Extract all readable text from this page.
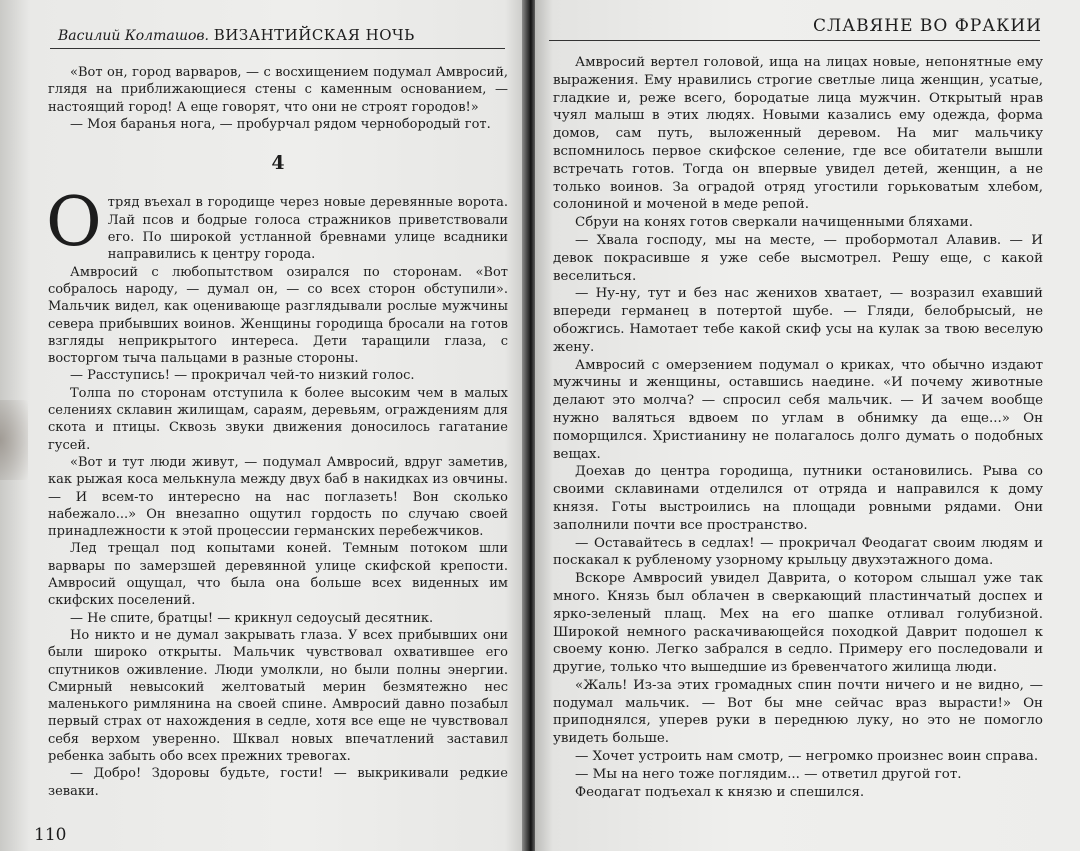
Василий Колташов. ВИЗАНТИЙСКАЯ НОЧЬ

«Вот он, город варваров, — с восхищением подумал Амвросий, глядя на приближающиеся стены с каменным основанием, — настоящий город! А еще говорят, что они не строят городов!»

— Моя баранья нога, — пробурчал рядом чернобородый гот.

4

Отряд въехал в городище через новые деревянные ворота. Лай псов и бодрые голоса стражников приветствовали его. По широкой устланной бревнами улице всадники направились к центру города.

Амвросий с любопытством озирался по сторонам. «Вот собралось народу, — думал он, — со всех сторон обступили». Мальчик видел, как оценивающе разглядывали рослые мужчины севера прибывших воинов. Женщины городища бросали на готов взгляды неприкрытого интереса. Дети таращили глаза, с восторгом тыча пальцами в разные стороны.

— Расступись! — прокричал чей-то низкий голос.

Толпа по сторонам отступила к более высоким чем в малых селениях склавин жилищам, сараям, деревьям, ограждениям для скота и птицы. Сквозь звуки движения доносилось гагатание гусей.

«Вот и тут люди живут, — подумал Амвросий, вдруг заметив, как рыжая коса мелькнула между двух баб в накидках из овчины. — И всем-то интересно на нас поглазеть! Вон сколько набежало...» Он внезапно ощутил гордость по случаю своей принадлежности к этой процессии германских перебежчиков.

Лед трещал под копытами коней. Темным потоком шли варвары по замерзшей деревянной улице скифской крепости. Амвросий ощущал, что была она больше всех виденных им скифских поселений.

— Не спите, братцы! — крикнул седоусый десятник.

Но никто и не думал закрывать глаза. У всех прибывших они были широко открыты. Мальчик чувствовал охватившее его спутников оживление. Люди умолкли, но были полны энергии. Смирный невысокий желтоватый мерин безмятежно нес маленького римлянина на своей спине. Амвросий давно позабыл первый страх от нахождения в седле, хотя все еще не чувствовал себя верхом уверенно. Шквал новых впечатлений заставил ребенка забыть обо всех прежних тревогах.

— Добро! Здоровы будьте, гости! — выкрикивали редкие зеваки.

110
СЛАВЯНЕ ВО ФРАКИИ

Амвросий вертел головой, ища на лицах новые, непонятные ему выражения. Ему нравились строгие светлые лица женщин, усатые, гладкие и, реже всего, бородатые лица мужчин. Открытый нрав чуял малыш в этих людях. Новыми казались ему одежда, форма домов, сам путь, выложенный деревом. На миг мальчику вспомнилось первое скифское селение, где все обитатели вышли встречать готов. Тогда он впервые увидел детей, женщин, а не только воинов. За оградой отряд угостили горьковатым хлебом, солониной и моченой в меде репой.

Сбруи на конях готов сверкали начищенными бляхами.

— Хвала господу, мы на месте, — пробормотал Алавив. — И девок покрасивше я уже себе высмотрел. Решу еще, с какой веселиться.

— Ну-ну, тут и без нас женихов хватает, — возразил ехавший впереди германец в потертой шубе. — Гляди, белобрысый, не обожгись. Намотает тебе какой скиф усы на кулак за твою веселую жену.

Амвросий с омерзением подумал о криках, что обычно издают мужчины и женщины, оставшись наедине. «И почему животные делают это молча? — спросил себя мальчик. — И зачем вообще нужно валяться вдвоем по углам в обнимку да еще...» Он поморщился. Христианину не полагалось долго думать о подобных вещах.

Доехав до центра городища, путники остановились. Рыва со своими склавинами отделился от отряда и направился к дому князя. Готы выстроились на площади ровными рядами. Они заполнили почти все пространство.

— Оставайтесь в седлах! — прокричал Феодагат своим людям и поскакал к рубленому узорному крыльцу двухэтажного дома.

Вскоре Амвросий увидел Даврита, о котором слышал уже так много. Князь был облачен в сверкающий пластинчатый доспех и ярко-зеленый плащ. Мех на его шапке отливал голубизной. Широкой немного раскачивающейся походкой Даврит подошел к своему коню. Легко забрался в седло. Примеру его последовали и другие, только что вышедшие из бревенчатого жилища люди.

«Жаль! Из-за этих громадных спин почти ничего и не видно, — подумал мальчик. — Вот бы мне сейчас враз вырасти!» Он приподнялся, уперев руки в переднюю луку, но это не помогло увидеть больше.

— Хочет устроить нам смотр, — негромко произнес воин справа.

— Мы на него тоже поглядим... — ответил другой гот.

Феодагат подъехал к князю и спешился.
